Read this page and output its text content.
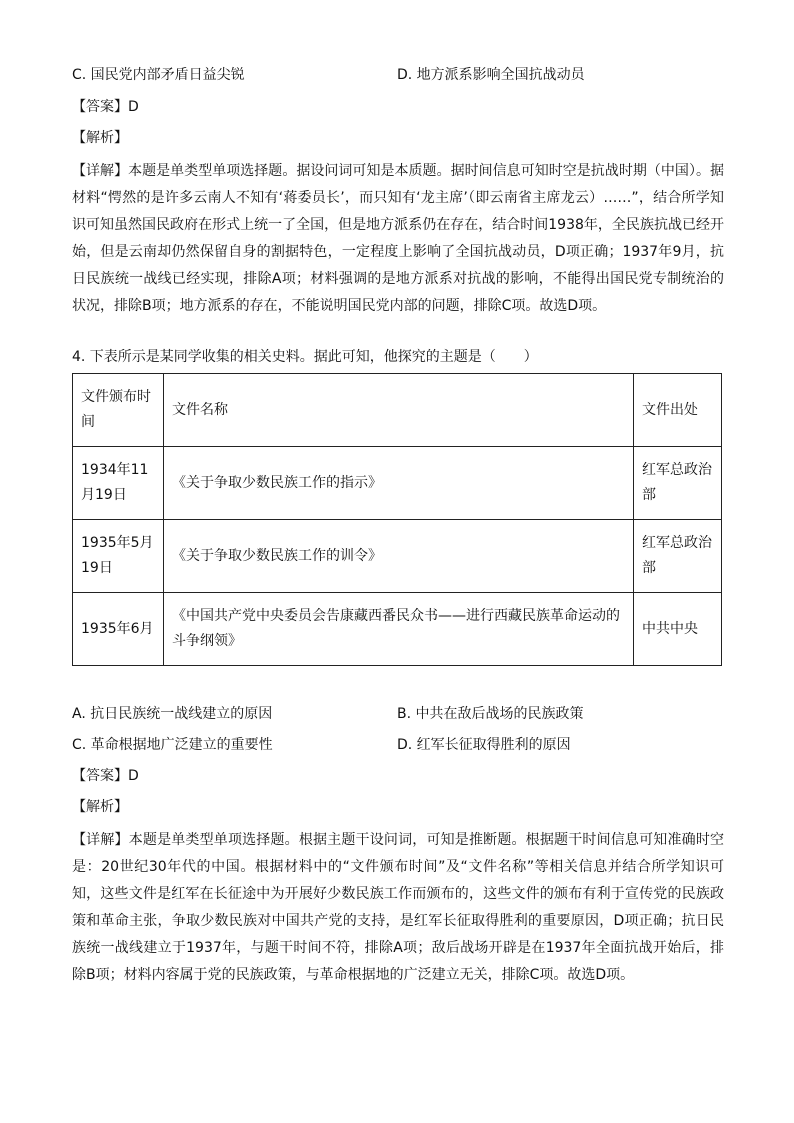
C. 国民党内部矛盾日益尖锐	D. 地方派系影响全国抗战动员
【答案】D
【解析】

【详解】本题是单类型单项选择题。据设问词可知是本质题。据时间信息可知时空是抗战时期（中国）。据材料“愕然的是许多云南人不知有‘蒋委员长’，而只知有‘龙主席’（即云南省主席龙云）……”，结合所学知识可知虽然国民政府在形式上统一了全国，但是地方派系仍在存在，结合时间1938年，全民族抗战已经开始，但是云南却仍然保留自身的割据特色，一定程度上影响了全国抗战动员，D项正确；1937年9月，抗日民族统一战线已经实现，排除A项；材料强调的是地方派系对抗战的影响，不能得出国民党专制统治的状况，排除B项；地方派系的存在，不能说明国民党内部的问题，排除C项。故选D项。

4. 下表所示是某同学收集的相关史料。据此可知，他探究的主题是（　　）
文件颁布时间	文件名称	文件出处
1934年11月19日	《关于争取少数民族工作的指示》	红军总政治部
1935年5月19日	《关于争取少数民族工作的训令》	红军总政治部
1935年6月	《中国共产党中央委员会告康藏西番民众书——进行西藏民族革命运动的斗争纲领》	中共中央
A. 抗日民族统一战线建立的原因	B. 中共在敌后战场的民族政策
C. 革命根据地广泛建立的重要性	D. 红军长征取得胜利的原因
【答案】D
【解析】

【详解】本题是单类型单项选择题。根据主题干设问词，可知是推断题。根据题干时间信息可知准确时空是：20世纪30年代的中国。根据材料中的“文件颁布时间”及“文件名称”等相关信息并结合所学知识可知，这些文件是红军在长征途中为开展好少数民族工作而颁布的，这些文件的颁布有利于宣传党的民族政策和革命主张，争取少数民族对中国共产党的支持，是红军长征取得胜利的重要原因，D项正确；抗日民族统一战线建立于1937年，与题干时间不符，排除A项；敌后战场开辟是在1937年全面抗战开始后，排除B项；材料内容属于党的民族政策，与革命根据地的广泛建立无关，排除C项。故选D项。
